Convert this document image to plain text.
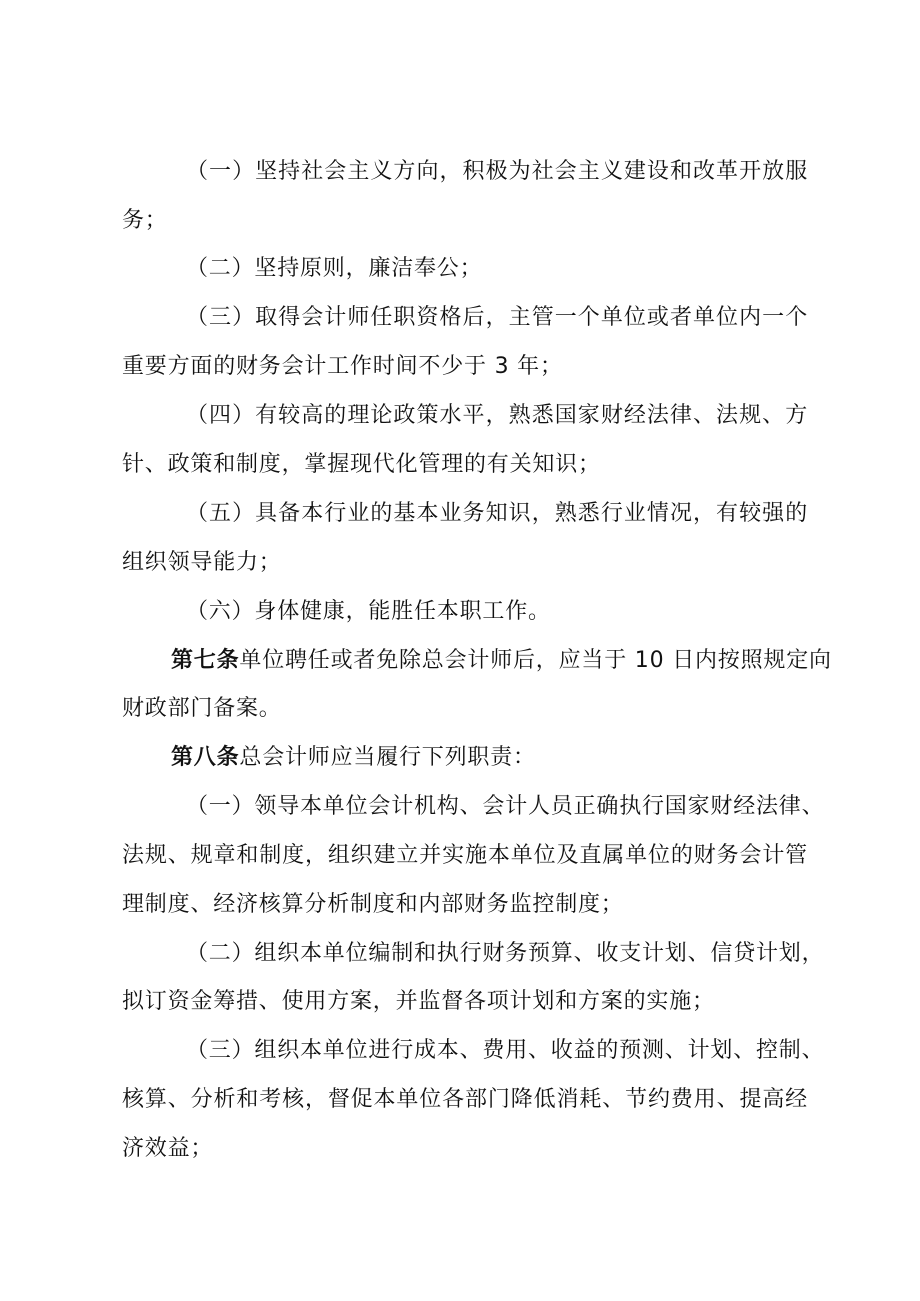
（一）坚持社会主义方向，积极为社会主义建设和改革开放服
务；
（二）坚持原则，廉洁奉公；
（三）取得会计师任职资格后，主管一个单位或者单位内一个
重要方面的财务会计工作时间不少于 3 年；
（四）有较高的理论政策水平，熟悉国家财经法律、法规、方
针、政策和制度，掌握现代化管理的有关知识；
（五）具备本行业的基本业务知识，熟悉行业情况，有较强的
组织领导能力；
（六）身体健康，能胜任本职工作。
第七条单位聘任或者免除总会计师后，应当于 10 日内按照规定向
财政部门备案。
第八条总会计师应当履行下列职责：
（一）领导本单位会计机构、会计人员正确执行国家财经法律、
法规、规章和制度，组织建立并实施本单位及直属单位的财务会计管
理制度、经济核算分析制度和内部财务监控制度；
（二）组织本单位编制和执行财务预算、收支计划、信贷计划，
拟订资金筹措、使用方案，并监督各项计划和方案的实施；
（三）组织本单位进行成本、费用、收益的预测、计划、控制、
核算、分析和考核，督促本单位各部门降低消耗、节约费用、提高经
济效益；
